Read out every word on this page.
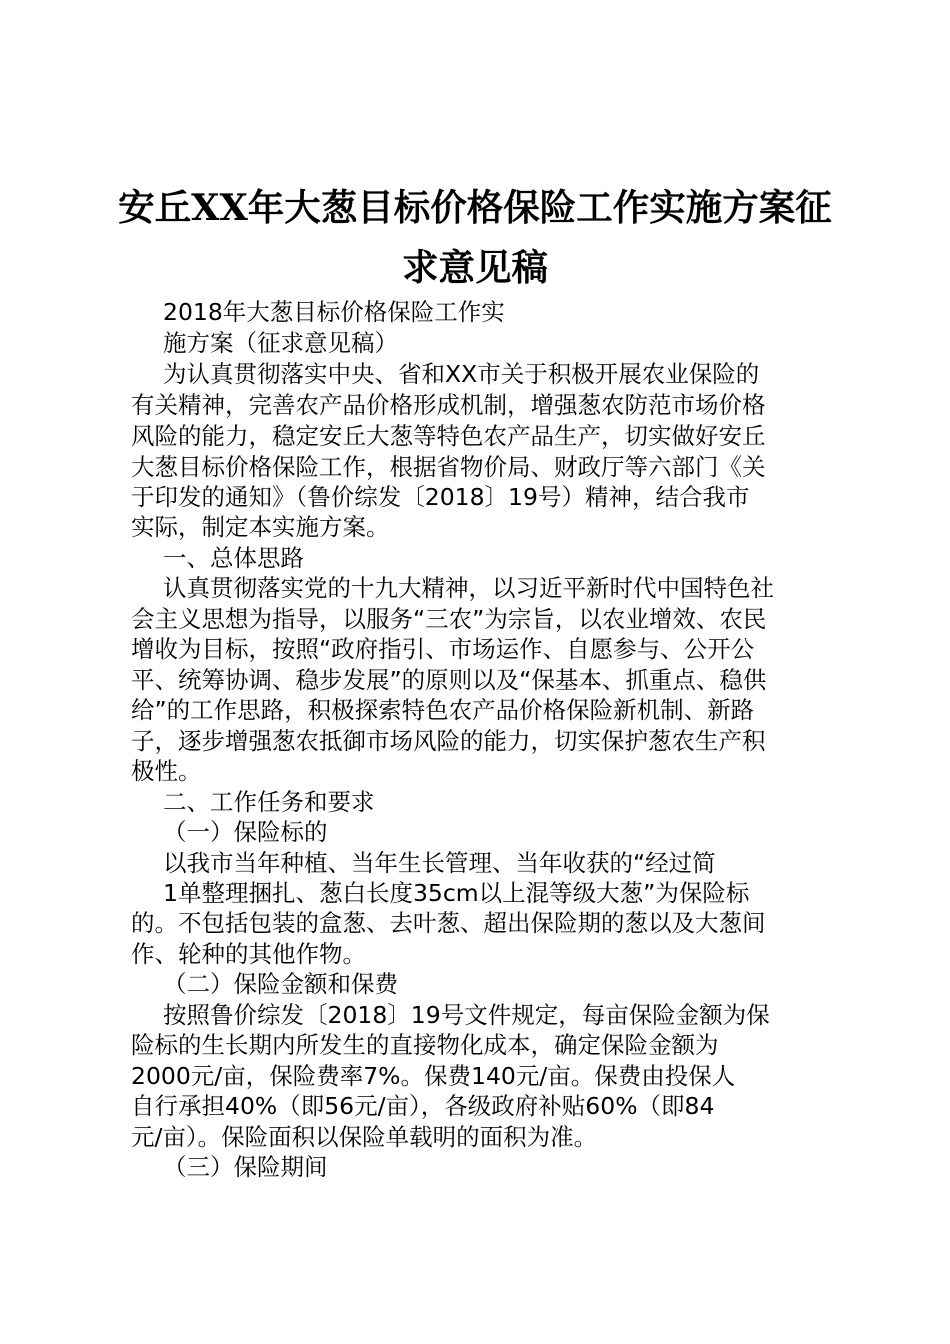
安丘XX年大葱目标价格保险工作实施方案征
求意见稿
2018年大葱目标价格保险工作实
施方案（征求意见稿）
为认真贯彻落实中央、省和XX市关于积极开展农业保险的
有关精神，完善农产品价格形成机制，增强葱农防范市场价格
风险的能力，稳定安丘大葱等特色农产品生产，切实做好安丘
大葱目标价格保险工作，根据省物价局、财政厅等六部门《关
于印发的通知》（鲁价综发〔2018〕19号）精神，结合我市
实际，制定本实施方案。
一、总体思路
认真贯彻落实党的十九大精神，以习近平新时代中国特色社
会主义思想为指导，以服务“三农”为宗旨，以农业增效、农民
增收为目标，按照“政府指引、市场运作、自愿参与、公开公
平、统筹协调、稳步发展”的原则以及“保基本、抓重点、稳供
给”的工作思路，积极探索特色农产品价格保险新机制、新路
子，逐步增强葱农抵御市场风险的能力，切实保护葱农生产积
极性。
二、工作任务和要求
（一）保险标的
以我市当年种植、当年生长管理、当年收获的“经过简
1单整理捆扎、葱白长度35cm以上混等级大葱”为保险标
的。不包括包装的盒葱、去叶葱、超出保险期的葱以及大葱间
作、轮种的其他作物。
（二）保险金额和保费
按照鲁价综发〔2018〕19号文件规定，每亩保险金额为保
险标的生长期内所发生的直接物化成本，确定保险金额为
2000元/亩，保险费率7%。保费140元/亩。保费由投保人
自行承担40%（即56元/亩），各级政府补贴60%（即84
元/亩）。保险面积以保险单载明的面积为准。
（三）保险期间
